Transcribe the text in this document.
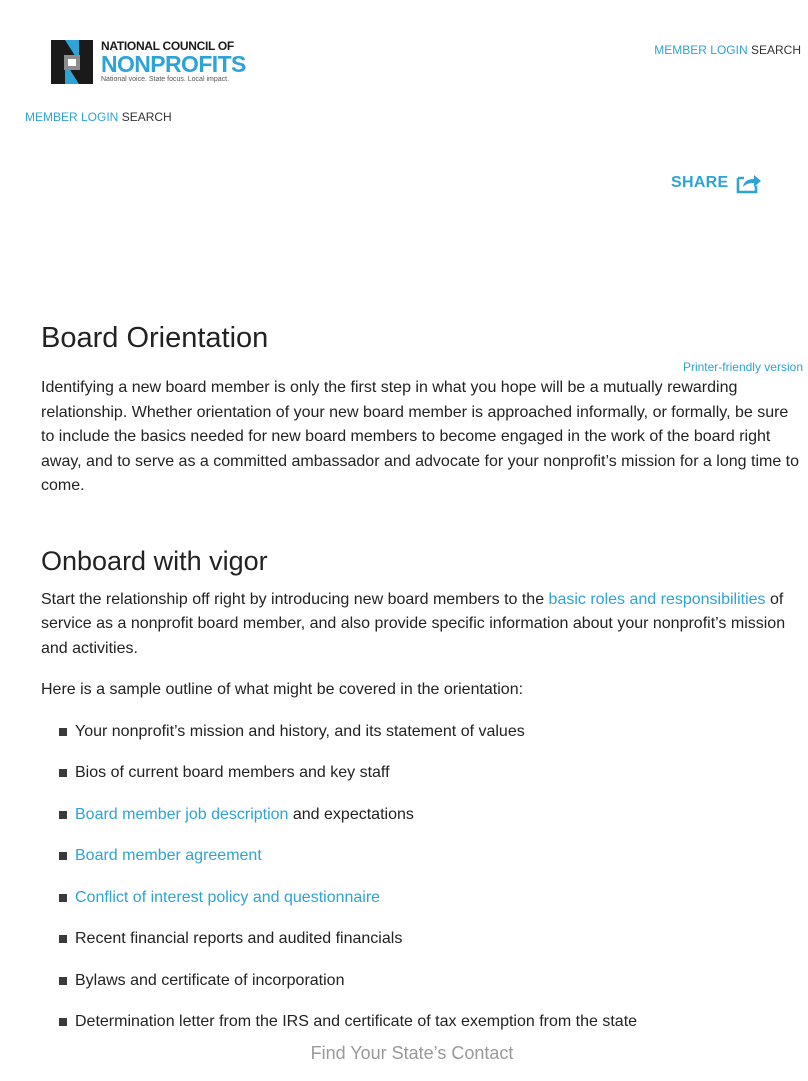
NATIONAL COUNCIL OF
NONPROFITS
National voice. State focus. Local impact.
MEMBER LOGIN SEARCH
MEMBER LOGIN SEARCH
SHARE
Board Orientation
Printer-friendly version

Identifying a new board member is only the first step in what you hope will be a mutually rewarding relationship. Whether orientation of your new board member is approached informally, or formally, be sure to include the basics needed for new board members to become engaged in the work of the board right away, and to serve as a committed ambassador and advocate for your nonprofit’s mission for a long time to come.

Onboard with vigor

Start the relationship off right by introducing new board members to the basic roles and responsibilities of service as a nonprofit board member, and also provide specific information about your nonprofit’s mission and activities.

Here is a sample outline of what might be covered in the orientation:

Your nonprofit’s mission and history, and its statement of values
Bios of current board members and key staff
Board member job description and expectations
Board member agreement
Conflict of interest policy and questionnaire
Recent financial reports and audited financials
Bylaws and certificate of incorporation
Determination letter from the IRS and certificate of tax exemption from the state
Find Your State’s Contact
